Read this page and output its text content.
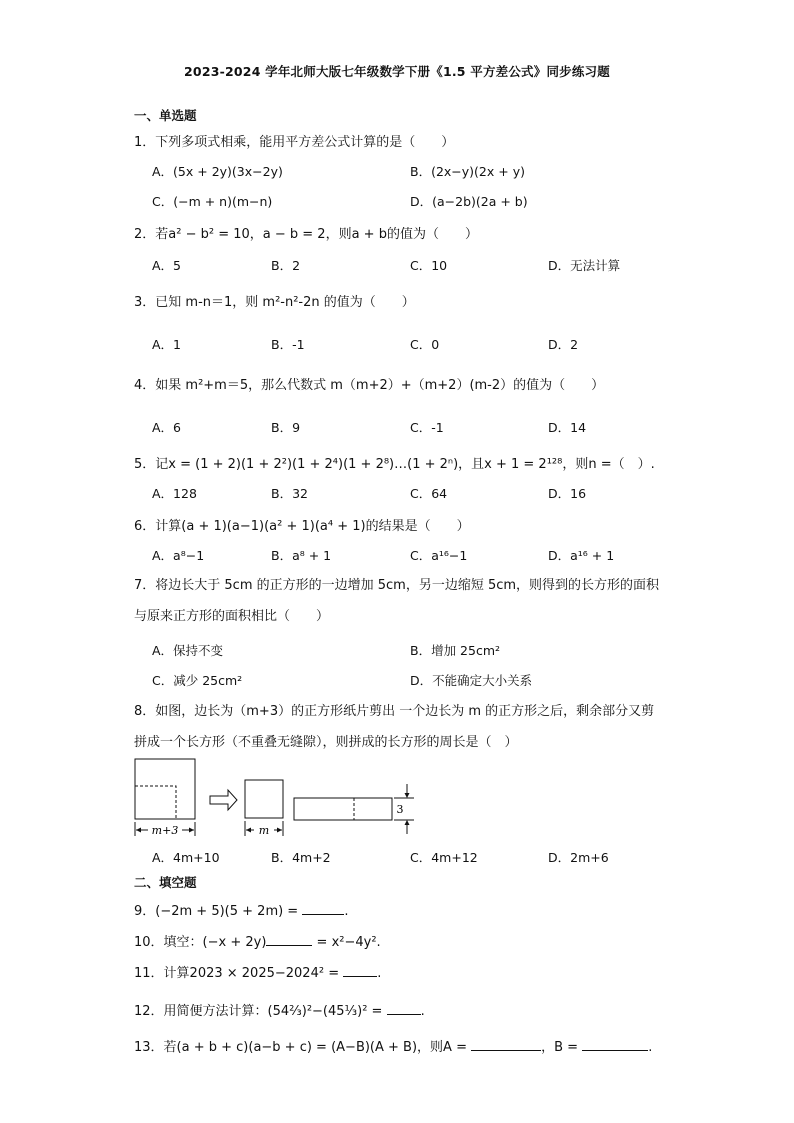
2023-2024 学年北师大版七年级数学下册《1.5 平方差公式》同步练习题
一、单选题
1．下列多项式相乘，能用平方差公式计算的是（　　）
A．(5x + 2y)(3x−2y)	B．(2x−y)(2x + y)
C．(−m + n)(m−n)	D．(a−2b)(2a + b)
2．若a² − b² = 10，a − b = 2，则a + b的值为（　　）
A．5	B．2	C．10	D．无法计算
3．已知 m-n＝1，则 m²-n²-2n 的值为（　　）
A．1	B．-1	C．0	D．2
4．如果 m²+m＝5，那么代数式 m（m+2）+（m+2）(m-2）的值为（　　）
A．6	B．9	C．-1	D．14
5．记x = (1 + 2)(1 + 2²)(1 + 2⁴)(1 + 2⁸)…(1 + 2ⁿ)，且x + 1 = 2¹²⁸，则n =（　）.
A．128	B．32	C．64	D．16
6．计算(a + 1)(a−1)(a² + 1)(a⁴ + 1)的结果是（　　）
A．a⁸−1	B．a⁸ + 1	C．a¹⁶−1	D．a¹⁶ + 1
7．将边长大于 5cm 的正方形的一边增加 5cm，另一边缩短 5cm，则得到的长方形的面积与原来正方形的面积相比（　　）
A．保持不变	B．增加 25cm²
C．减少 25cm²	D．不能确定大小关系
8．如图，边长为（m+3）的正方形纸片剪出 一个边长为 m 的正方形之后，剩余部分又剪拼成一个长方形（不重叠无缝隙），则拼成的长方形的周长是（　）
m+3	m
3
A．4m+10	B．4m+2	C．4m+12	D．2m+6
二、填空题
9．(−2m + 5)(5 + 2m) =	.
10．填空：(−x + 2y)	= x²−4y².
11．计算2023 × 2025−2024² =	.
12．用简便方法计算：(54⅔)²−(45⅓)² =	.
13．若(a + b + c)(a−b + c) = (A−B)(A + B)，则A =	，B =	.
